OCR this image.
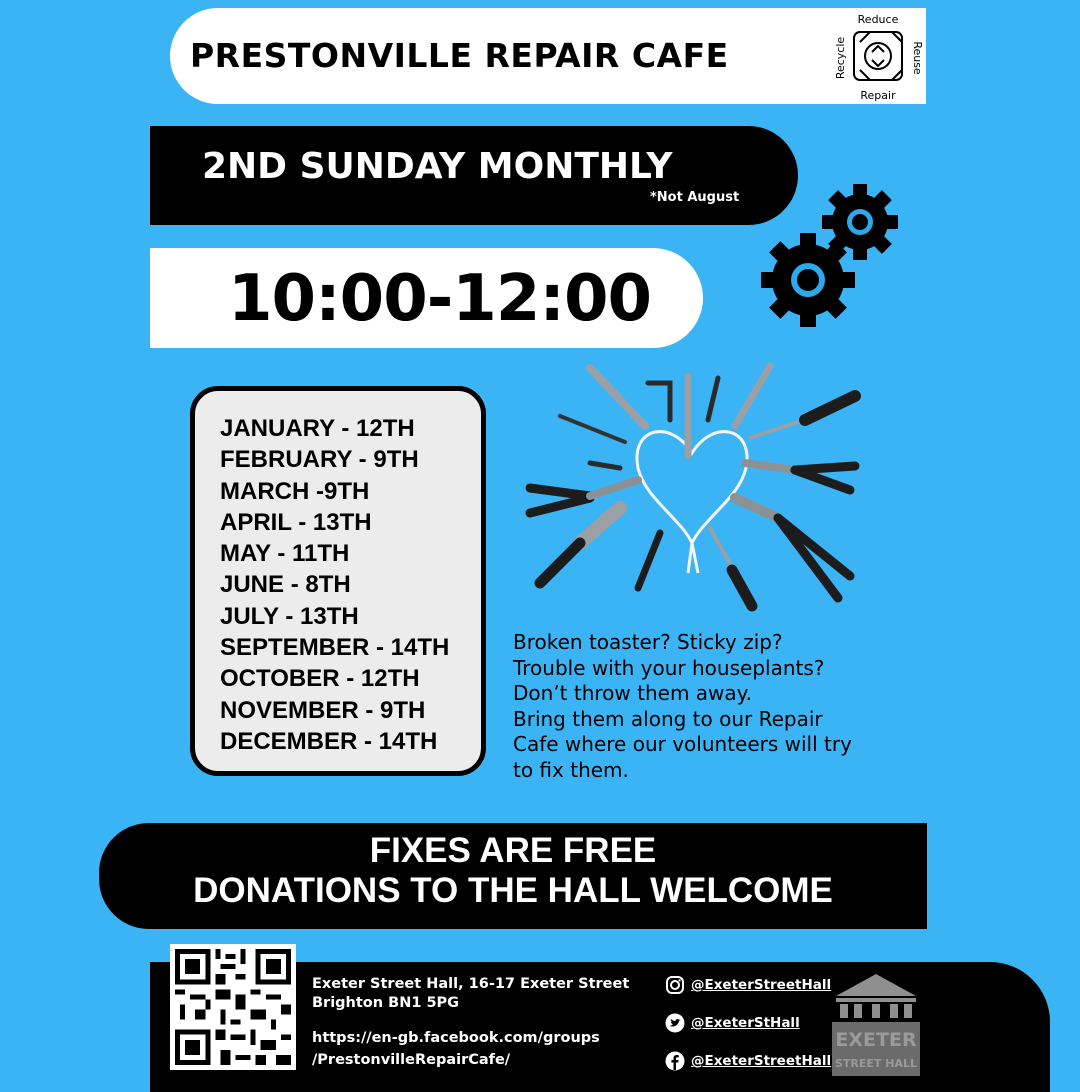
PRESTONVILLE REPAIR CAFE
Reduce
Repair
Reuse
Recycle
2ND SUNDAY MONTHLY
*Not August
10:00-12:00
JANUARY - 12TH
FEBRUARY - 9TH
MARCH -9TH
APRIL - 13TH
MAY - 11TH
JUNE - 8TH
JULY - 13TH
SEPTEMBER - 14TH
OCTOBER - 12TH
NOVEMBER - 9TH
DECEMBER - 14TH

Broken toaster? Sticky zip?

Trouble with your houseplants?

Don’t throw them away.

Bring them along to our Repair

Cafe where our volunteers will try

to fix them.

FIXES ARE FREE
DONATIONS TO THE HALL WELCOME
Exeter Street Hall, 16-17 Exeter Street
Brighton BN1 5PG
https://en-gb.facebook.com/groups
/PrestonvilleRepairCafe/
@ExeterStreetHall
@ExeterStHall
@ExeterStreetHall
EXETER
STREET HALL
